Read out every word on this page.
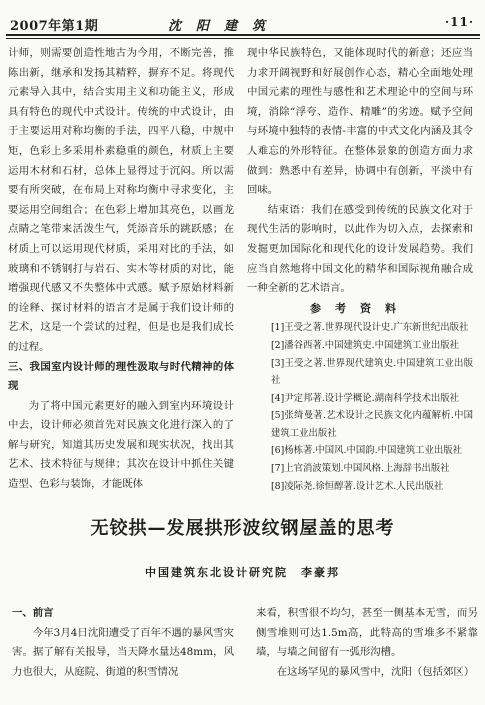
2007年第1期	沈阳建筑	·11·

计师，则需要创造性地古为今用，不断完善，推陈出新，继承和发扬其精粹，摒弃不足。将现代元素导入其中，结合实用主义和功能主义，形成具有特色的现代中式设计。传统的中式设计，由于主要运用对称均衡的手法，四平八稳，中规中矩，色彩上多采用朴素稳重的颜色，材质上主要运用木材和石材，总体上显得过于沉闷。所以需要有所突破，在布局上对称均衡中寻求变化，主要运用空间组合；在色彩上增加其亮色，以画龙点睛之笔带来活泼生气，凭添音乐的跳跃感；在材质上可以运用现代材质，采用对比的手法，如玻璃和不锈钢打与岩石、实木等材质的对比，能增强现代感又不失整体中式感。赋予原始材料新的诠释、探讨材料的语言才是属于我们设计师的艺术，这是一个尝试的过程，但是也是我们成长的过程。

三、我国室内设计师的理性汲取与时代精神的体现

为了将中国元素更好的融入到室内环境设计中去，设计师必须首先对民族文化进行深入的了解与研究，知道其历史发展和现实状况，找出其艺术、技术特征与规律；其次在设计中抓住关键造型、色彩与装饰，才能既体

现中华民族特色，又能体现时代的新意；还应当力求开阔视野和好展创作心态，精心全面地处理中国元素的理性与感性和艺术理论中的空间与环境，消除“浮夸、造作、精雕”的劣迹。赋予空间与环境中独特的表情-丰富的中式文化内涵及其令人难忘的外形特征。在整体景象的创造方面力求做到：熟悉中有差异，协调中有创新，平淡中有回味。

结束语：我们在感受到传统的民族文化对于现代生活的影响时，以此作为切入点，去探索和发掘更加国际化和现代化的设计发展趋势。我们应当自然地将中国文化的精华和国际视角融合成一种全新的艺术语言。

参考资料

[1]王受之著.世界现代设计史.广东新世纪出版社

[2]潘谷西著.中国建筑史.中国建筑工业出版社

[3]王受之著.世界现代建筑史.中国建筑工业出版社

[4]尹定邦著.设计学概论.湖南科学技术出版社

[5]张绮曼著.艺术设计之民族文化内蕴解析.中国建筑工业出版社

[6]杨栋著.中国风.中国韵.中国建筑工业出版社

[7]上官消波策划.中国风格.上海辞书出版社

[8]凌际尧.徐恒醇著.设计艺术.人民出版社

无铰拱—发展拱形波纹钢屋盖的思考
中国建筑东北设计研究院　李豪邦

一、前言

今年3月4日沈阳遭受了百年不遇的暴风雪灾害。据了解有关报导，当天降水量达48mm，风力也很大，从庭院、街道的积雪情况

来看，积雪很不均匀，甚至一侧基本无雪，而另侧雪堆则可达1.5m高，此特高的雪堆多不紧靠墙，与墙之间留有一弧形沟槽。

在这场罕见的暴风雪中，沈阳（包括郊区）
